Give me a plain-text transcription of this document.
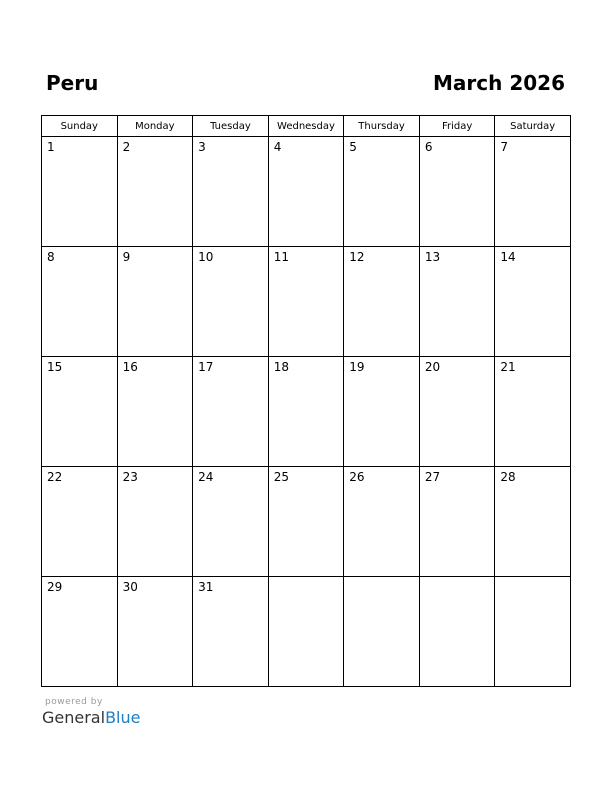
Peru	March 2026
Sunday	Monday	Tuesday	Wednesday	Thursday	Friday	Saturday

1	2	3	4	5	6	7

8	9	10	11	12	13	14

15	16	17	18	19	20	21

22	23	24	25	26	27	28

29	30	31				

powered by
GeneralBlue
